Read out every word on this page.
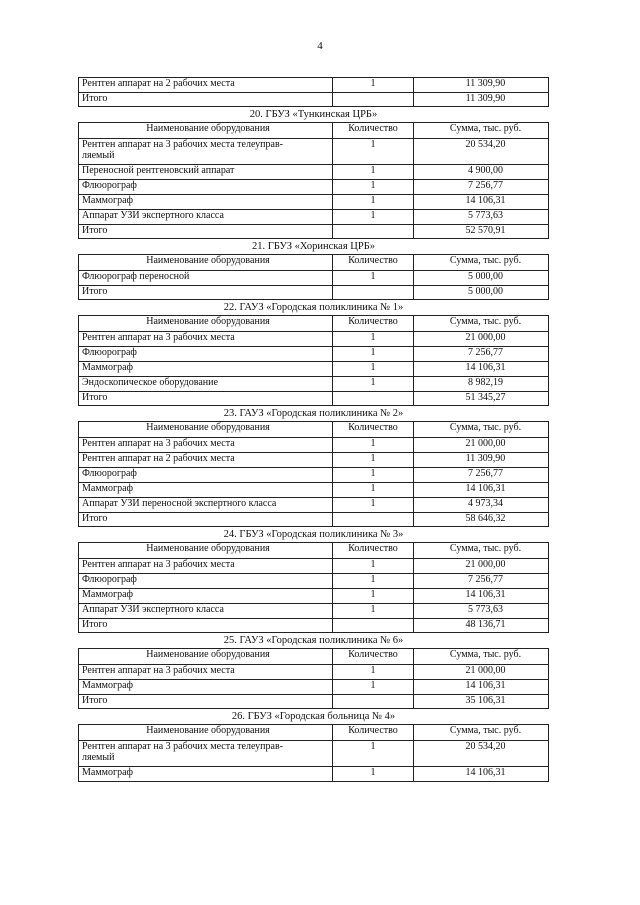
4
Рентген аппарат на 2 рабочих места	1	11 309,90
Итого		11 309,90
20. ГБУЗ «Тункинская ЦРБ»		
Наименование оборудования	Количество	Сумма, тыс. руб.
Рентген аппарат на 3 рабочих места телеуправ-
ляемый	1	20 534,20
Переносной рентгеновский аппарат	1	4 900,00
Флюорограф	1	7 256,77
Маммограф	1	14 106,31
Аппарат УЗИ экспертного класса	1	5 773,63
Итого		52 570,91
21. ГБУЗ «Хоринская ЦРБ»		
Наименование оборудования	Количество	Сумма, тыс. руб.
Флюорограф переносной	1	5 000,00
Итого		5 000,00
22. ГАУЗ «Городская поликлиника № 1»		
Наименование оборудования	Количество	Сумма, тыс. руб.
Рентген аппарат на 3 рабочих места	1	21 000,00
Флюорограф	1	7 256,77
Маммограф	1	14 106,31
Эндоскопическое оборудование	1	8 982,19
Итого		51 345,27
23. ГАУЗ «Городская поликлиника № 2»		
Наименование оборудования	Количество	Сумма, тыс. руб.
Рентген аппарат на 3 рабочих места	1	21 000,00
Рентген аппарат на 2 рабочих места	1	11 309,90
Флюорограф	1	7 256,77
Маммограф	1	14 106,31
Аппарат УЗИ переносной экспертного класса	1	4 973,34
Итого		58 646,32
24. ГБУЗ «Городская поликлиника № 3»		
Наименование оборудования	Количество	Сумма, тыс. руб.
Рентген аппарат на 3 рабочих места	1	21 000,00
Флюорограф	1	7 256,77
Маммограф	1	14 106,31
Аппарат УЗИ экспертного класса	1	5 773,63
Итого		48 136,71
25. ГАУЗ «Городская поликлиника № 6»		
Наименование оборудования	Количество	Сумма, тыс. руб.
Рентген аппарат на 3 рабочих места	1	21 000,00
Маммограф	1	14 106,31
Итого		35 106,31
26. ГБУЗ «Городская больница № 4»		
Наименование оборудования	Количество	Сумма, тыс. руб.
Рентген аппарат на 3 рабочих места телеуправ-
ляемый	1	20 534,20
Маммограф	1	14 106,31
